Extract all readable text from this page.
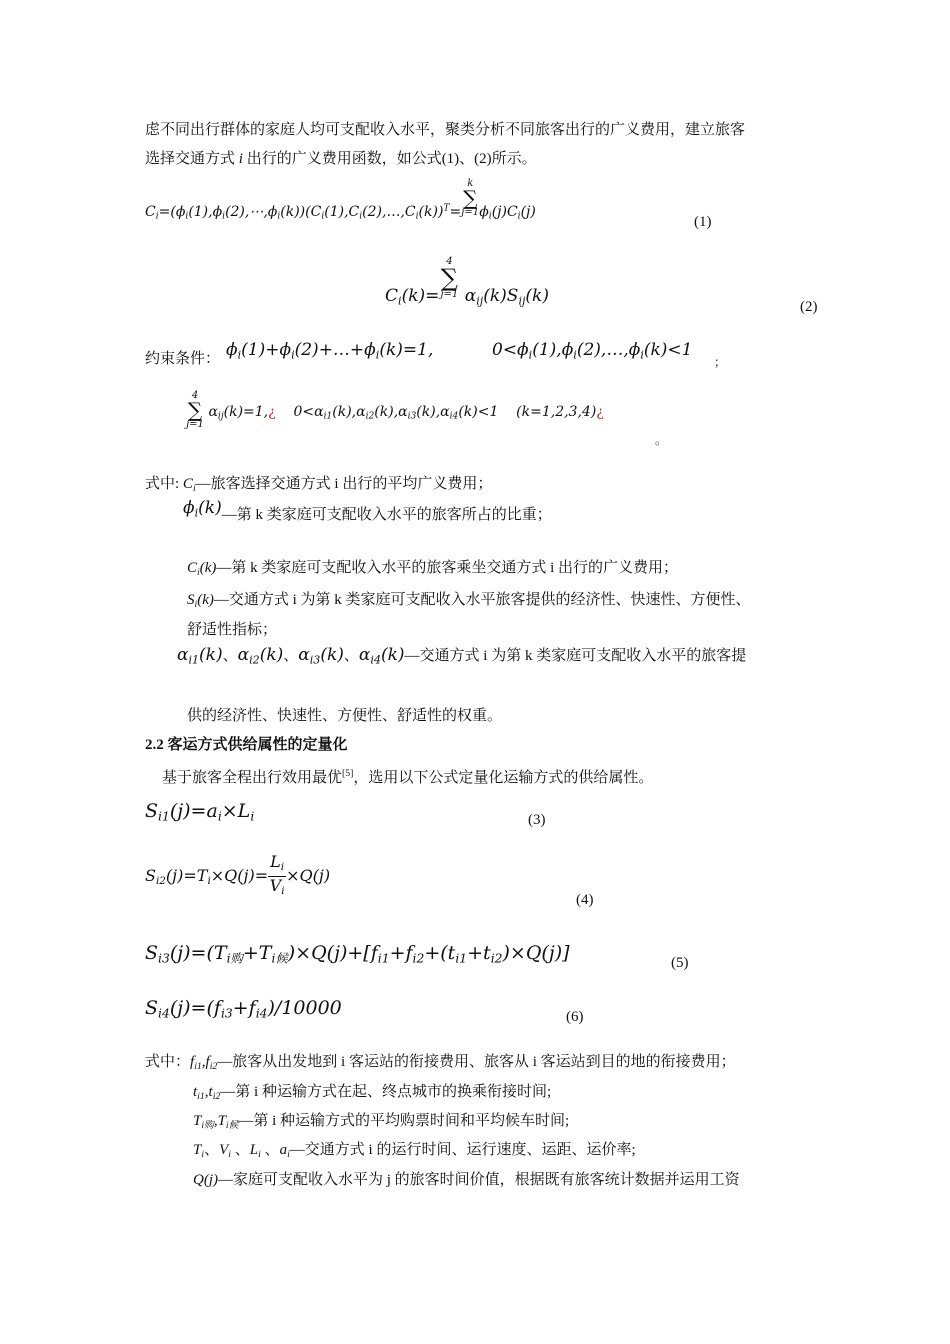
虑不同出行群体的家庭人均可支配收入水平，聚类分析不同旅客出行的广义费用，建立旅客
选择交通方式 i 出行的广义费用函数，如公式(1)、(2)所示。
$C_i=(\phi_i(1),\phi_i(2),\cdots,\phi_i(k))(C_i(1),C_i(2),\dots,C_i(k))^T=$
k
∑
j=1 $\phi_i(j)C_i(j)$
(1)
$C_i(k)=$
4
∑
j=1 $\alpha_{ij}(k)S_{ij}(k)$
(2)
约束条件： $\phi_i(1)+\phi_i(2)+\dots+\phi_i(k)=1$,	$0<\phi_i(1),\phi_i(2),\dots,\phi_i(k)<1$
；
4
∑
j=1
$\alpha_{ij}(k)=1,¿$    $0<\alpha_{i1}(k),\alpha_{i2}(k),\alpha_{i3}(k),\alpha_{i4}(k)<1$    (k=1,2,3,4)¿
。
式中: $C_i—$旅客选择交通方式 i 出行的平均广义费用；
$\phi_i(k)—$第 k 类家庭可支配收入水平的旅客所占的比重；
$C_i(k)—$第 k 类家庭可支配收入水平的旅客乘坐交通方式 i 出行的广义费用；
$S_i(k)—$交通方式 i 为第 k 类家庭可支配收入水平旅客提供的经济性、快速性、方便性、
舒适性指标；
$\alpha_{i1}(k)$、$\alpha_{i2}(k)$、$\alpha_{i3}(k)$、$\alpha_{i4}(k)—$交通方式 i 为第 k 类家庭可支配收入水平的旅客提
供的经济性、快速性、方便性、舒适性的权重。
2.2 客运方式供给属性的定量化
基于旅客全程出行效用最优[5]，选用以下公式定量化运输方式的供给属性。
$S_{i1}(j)=a_i\times L_i$	(3)
$S_{i2}(j)=T_i\times Q(j)= \frac{L_i}{V_i} \times Q(j)$
(4)
$S_{i3}(j)=(T_{i购}+T_{i候})\times Q(j)+[f_{i1}+f_{i2}+(t_{i1}+t_{i2})\times Q(j)]$	(5)
$S_{i4}(j)=(f_{i3}+f_{i4})/10000$	(6)
式中：$f_{i1},f_{i2}—$旅客从出发地到 i 客运站的衔接费用、旅客从 i 客运站到目的地的衔接费用；
$t_{i1},t_{i2}—$第 i 种运输方式在起、终点城市的换乘衔接时间;
$T_{i购},T_{i候}—$第 i 种运输方式的平均购票时间和平均候车时间;
$T_i$、$V_i$ 、$L_i$ 、$a_i—$交通方式 i 的运行时间、运行速度、运距、运价率;
Q(j)—家庭可支配收入水平为 j 的旅客时间价值，根据既有旅客统计数据并运用工资
